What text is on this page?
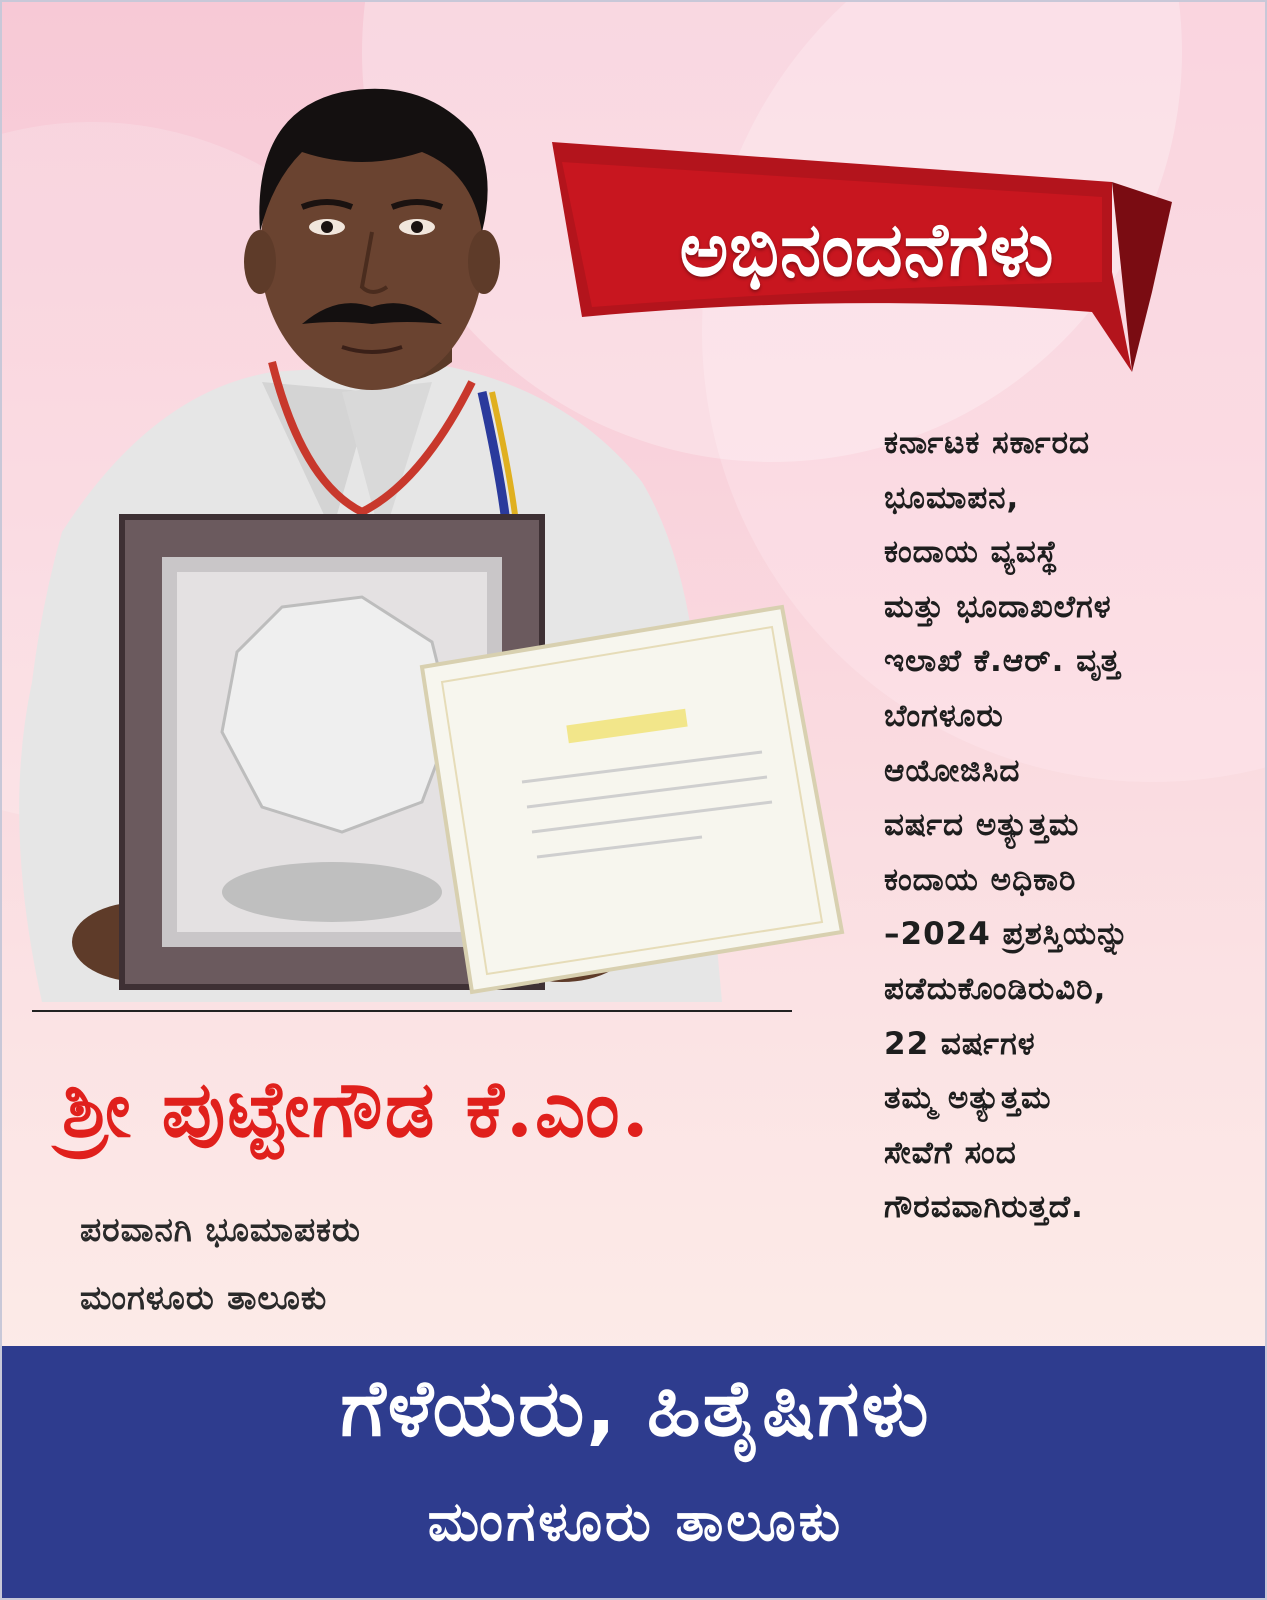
ಅಭಿನಂದನೆಗಳು
ಕರ್ನಾಟಕ ಸರ್ಕಾರದ
ಭೂಮಾಪನ,
ಕಂದಾಯ ವ್ಯವಸ್ಥೆ
ಮತ್ತು ಭೂದಾಖಲೆಗಳ
ಇಲಾಖೆ ಕೆ.ಆರ್. ವೃತ್ತ
ಬೆಂಗಳೂರು
ಆಯೋಜಿಸಿದ
ವರ್ಷದ ಅತ್ಯುತ್ತಮ
ಕಂದಾಯ ಅಧಿಕಾರಿ
–2024 ಪ್ರಶಸ್ತಿಯನ್ನು
ಪಡೆದುಕೊಂಡಿರುವಿರಿ,
22 ವರ್ಷಗಳ
ತಮ್ಮ ಅತ್ಯುತ್ತಮ
ಸೇವೆಗೆ ಸಂದ
ಗೌರವವಾಗಿರುತ್ತದೆ.
ಶ್ರೀ ಪುಟ್ಟೇಗೌಡ ಕೆ.ಎಂ.
ಪರವಾನಗಿ ಭೂಮಾಪಕರು
ಮಂಗಳೂರು ತಾಲೂಕು
ಗೆಳೆಯರು, ಹಿತೈಷಿಗಳು
ಮಂಗಳೂರು ತಾಲೂಕು
